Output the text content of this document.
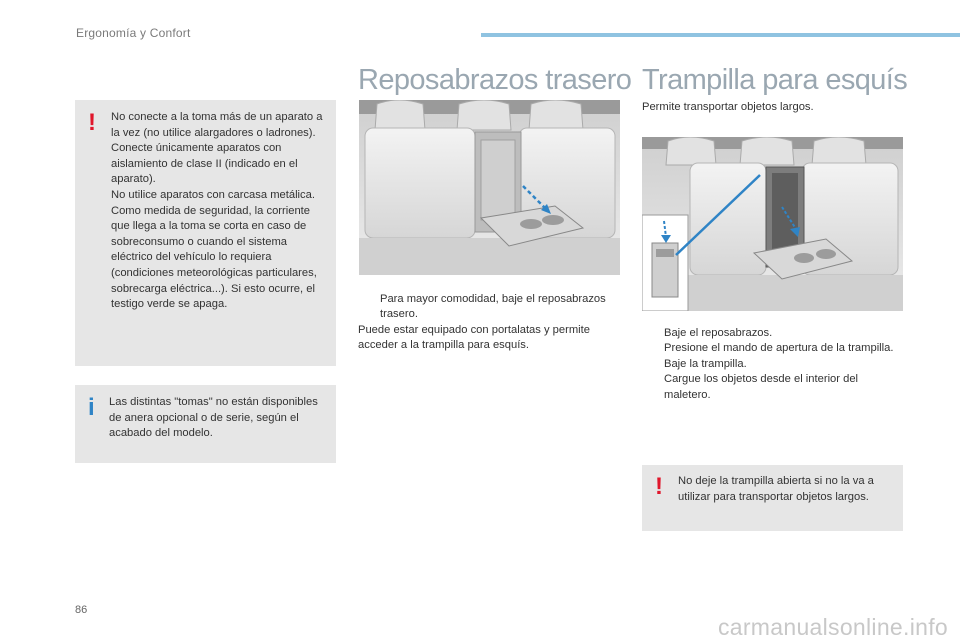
Ergonomía y Confort
! No conecte a la toma más de un aparato a la vez (no utilice alargadores o ladrones).

Conecte únicamente aparatos con aislamiento de clase II (indicado en el aparato).

No utilice aparatos con carcasa metálica.

Como medida de seguridad, la corriente que llega a la toma se corta en caso de sobreconsumo o cuando el sistema eléctrico del vehículo lo requiera (condiciones meteorológicas particulares, sobrecarga eléctrica...). Si esto ocurre, el testigo verde se apaga.

i Las distintas "tomas" no están disponibles de anera opcional o de serie, según el acabado del modelo.
Reposabrazos trasero
Para mayor comodidad, baje el reposabrazos trasero.

Puede estar equipado con portalatas y permite acceder a la trampilla para esquís.

Trampilla para esquís
Permite transportar objetos largos.
Baje el reposabrazos.
Presione el mando de apertura de la trampilla.
Baje la trampilla.
Cargue los objetos desde el interior del maletero.
! No deje la trampilla abierta si no la va a utilizar para transportar objetos largos.
86
carmanualsonline.info
